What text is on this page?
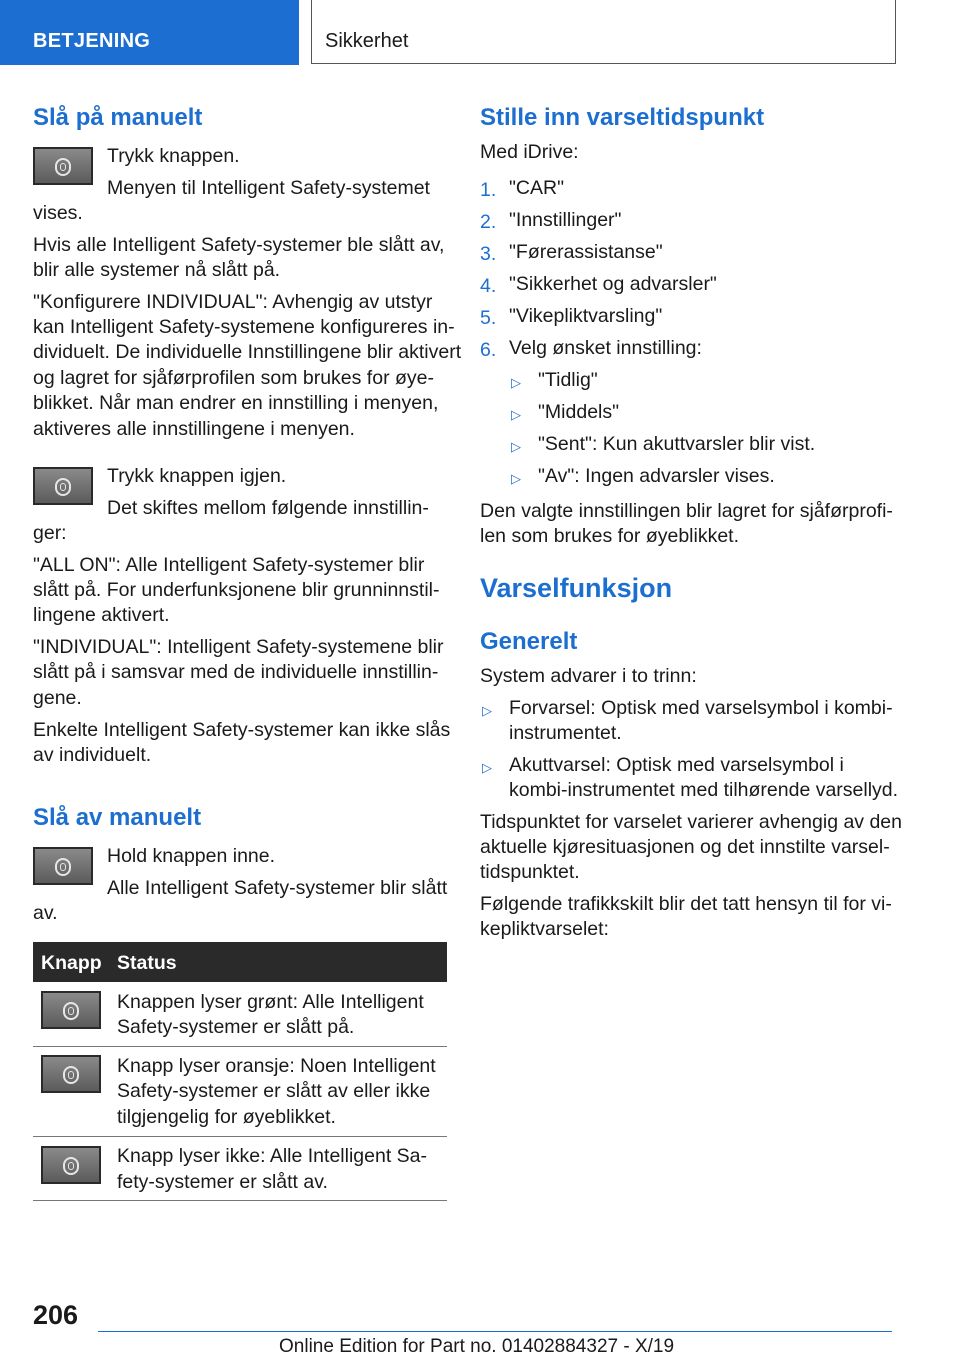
BETJENING	Sikkerhet
Slå på manuelt
Trykk knappen.
Menyen til Intelligent Safety-systemet
vises.
Hvis alle Intelligent Safety-systemer ble slått av,
blir alle systemer nå slått på.
"Konfigurere INDIVIDUAL": Avhengig av utstyr
kan Intelligent Safety-systemene konfigureres in‐
dividuelt. De individuelle Innstillingene blir aktivert
og lagret for sjåførprofilen som brukes for øye‐
blikket. Når man endrer en innstilling i menyen,
aktiveres alle innstillingene i menyen.
Trykk knappen igjen.
Det skiftes mellom følgende innstillin‐
ger:
"ALL ON": Alle Intelligent Safety-systemer blir
slått på. For underfunksjonene blir grunninnstil‐
lingene aktivert.
"INDIVIDUAL": Intelligent Safety-systemene blir
slått på i samsvar med de individuelle innstillin‐
gene.
Enkelte Intelligent Safety-systemer kan ikke slås
av individuelt.
Slå av manuelt
Hold knappen inne.
Alle Intelligent Safety-systemer blir slått
av.
Knapp Status
Knappen lyser grønt: Alle Intelligent
Safety-systemer er slått på.
Knapp lyser oransje: Noen Intelligent
Safety-systemer er slått av eller ikke
tilgjengelig for øyeblikket.
Knapp lyser ikke: Alle Intelligent Sa‐
fety-systemer er slått av.
Stille inn varseltidspunkt
Med iDrive:
1. "CAR"
2. "Innstillinger"
3. "Førerassistanse"
4. "Sikkerhet og advarsler"
5. "Vikepliktvarsling"
6. Velg ønsket innstilling:
▷ "Tidlig"
▷ "Middels"
▷ "Sent": Kun akuttvarsler blir vist.
▷ "Av": Ingen advarsler vises.
Den valgte innstillingen blir lagret for sjåførprofi‐
len som brukes for øyeblikket.
Varselfunksjon
Generelt
System advarer i to trinn:
▷ Forvarsel: Optisk med varselsymbol i kombi‐
instrumentet.
▷ Akuttvarsel: Optisk med varselsymbol i
kombi-instrumentet med tilhørende varsellyd.
Tidspunktet for varselet varierer avhengig av den
aktuelle kjøresituasjonen og det innstilte varsel‐
tidspunktet.
Følgende trafikkskilt blir det tatt hensyn til for vi‐
kepliktvarselet:
206
Online Edition for Part no. 01402884327 - X/19
